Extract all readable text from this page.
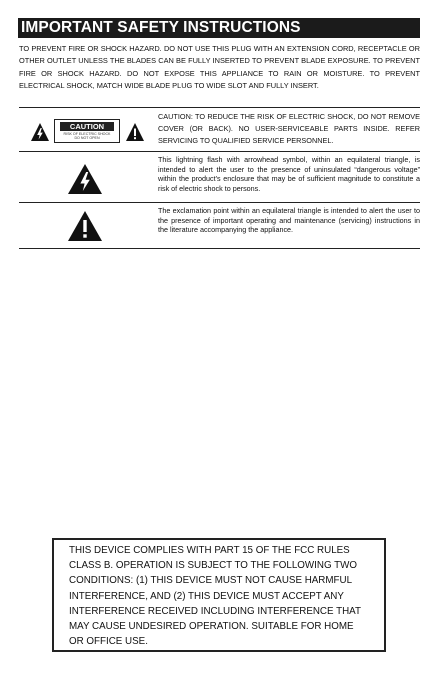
IMPORTANT SAFETY INSTRUCTIONS
TO PREVENT FIRE OR SHOCK HAZARD. DO NOT USE THIS PLUG WITH AN EXTENSION CORD, RECEPTACLE OR OTHER OUTLET UNLESS THE BLADES CAN BE FULLY INSERTED TO PREVENT BLADE EXPOSURE. TO PREVENT FIRE OR SHOCK HAZARD. DO NOT EXPOSE THIS APPLIANCE TO RAIN OR MOISTURE. TO PREVENT ELECTRICAL SHOCK, MATCH WIDE BLADE PLUG TO WIDE SLOT AND FULLY INSERT.
CAUTION
RISK OF ELECTRIC SHOCK
DO NOT OPEN
CAUTION: TO REDUCE THE RISK OF ELECTRIC SHOCK, DO NOT REMOVE COVER (OR BACK). NO USER-SERVICEABLE PARTS INSIDE. REFER SERVICING TO QUALIFIED SERVICE PERSONNEL.
This lightning flash with arrowhead symbol, within an equilateral triangle, is intended to alert the user to the presence of uninsulated “dangerous voltage” within the product’s enclosure that may be of sufficient magnitude to constitute a risk of electric shock to persons.
The exclamation point within an equilateral triangle is intended to alert the user to the presence of important operating and maintenance (servicing) instructions in the literature accompanying the appliance.
THIS DEVICE COMPLIES WITH PART 15 OF THE FCC RULES
CLASS B. OPERATION IS SUBJECT TO THE FOLLOWING TWO
CONDITIONS: (1) THIS DEVICE MUST NOT CAUSE HARMFUL
INTERFERENCE, AND (2) THIS DEVICE MUST ACCEPT ANY
INTERFERENCE RECEIVED INCLUDING INTERFERENCE THAT
MAY CAUSE UNDESIRED OPERATION. SUITABLE FOR HOME
OR OFFICE USE.
